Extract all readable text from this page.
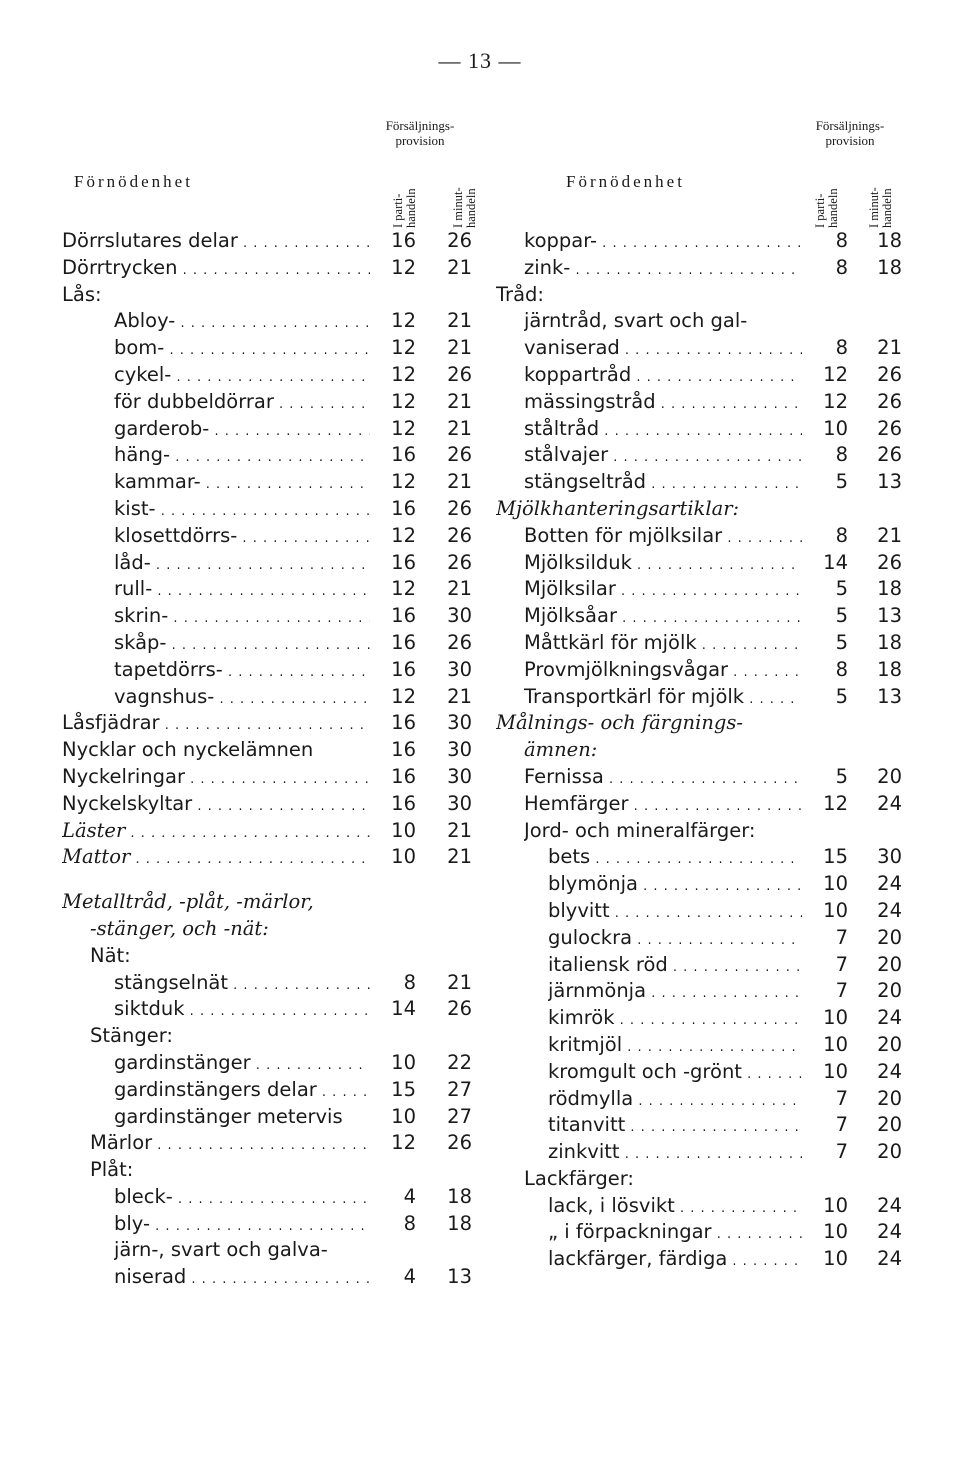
— 13 —
Förnödenhet
Försäljnings-
provision
I parti-
handeln	I minut-
handeln
Dörrslutares delar . . .	16	26
Dörrtrycken . . .	12	21
Lås:
Abloy- . . .	12	21
bom- . . .	12	21
cykel- . . .	12	26
för dubbeldörrar . . .	12	21
garderob- . . .	12	21
häng- . . .	16	26
kammar- . . .	12	21
kist- . . .	16	26
klosettdörrs- . . .	12	26
låd- . . .	16	26
rull- . . .	12	21
skrin- . . .	16	30
skåp- . . .	16	26
tapetdörrs- . . .	16	30
vagnshus- . . .	12	21
Låsfjädrar . . .	16	30
Nycklar och nyckelämnen	16	30
Nyckelringar . . .	16	30
Nyckelskyltar . . .	16	30
Läster . . .	10	21
Mattor . . .	10	21
Metalltråd, -plåt, -märlor,
-stänger, och -nät:
Nät:
stängselnät . . .	8	21
siktduk . . .	14	26
Stänger:
gardinstänger . . .	10	22
gardinstängers delar . . .	15	27
gardinstänger metervis	10	27
Märlor . . .	12	26
Plåt:
bleck- . . .	4	18
bly- . . .	8	18
järn-, svart och galva-
niserad . . .	4	13
Förnödenhet
Försäljnings-
provision
I parti-
handeln I minut-
handeln
koppar- . . .	8	18
zink- . . .	8	18
Tråd:
järntråd, svart och gal-
vaniserad . . .	8	21
koppartråd . . .	12	26
mässingstråd . . .	12	26
ståltråd . . .	10	26
stålvajer . . .	8	26
stängseltråd . . .	5	13
Mjölkhanteringsartiklar:
Botten för mjölksilar . . .	8	21
Mjölksilduk . . .	14	26
Mjölksilar . . .	5	18
Mjölksåar . . .	5	13
Måttkärl för mjölk . . .	5	18
Provmjölkningsvågar . . .	8	18
Transportkärl för mjölk . . .	5	13
Målnings- och färgnings-
ämnen:
Fernissa . . .	5	20
Hemfärger . . .	12	24
Jord- och mineralfärger:
bets . . .	15	30
blymönja . . .	10	24
blyvitt . . .	10	24
gulockra . . .	7	20
italiensk röd . . .	7	20
järnmönja . . .	7	20
kimrök . . .	10	24
kritmjöl . . .	10	20
kromgult och -grönt . . .	10	24
rödmylla . . .	7	20
titanvitt . . .	7	20
zinkvitt . . .	7	20
Lackfärger:
lack, i lösvikt . . .	10	24
„ i förpackningar . . .	10	24
lackfärger, färdiga . . .	10	24
